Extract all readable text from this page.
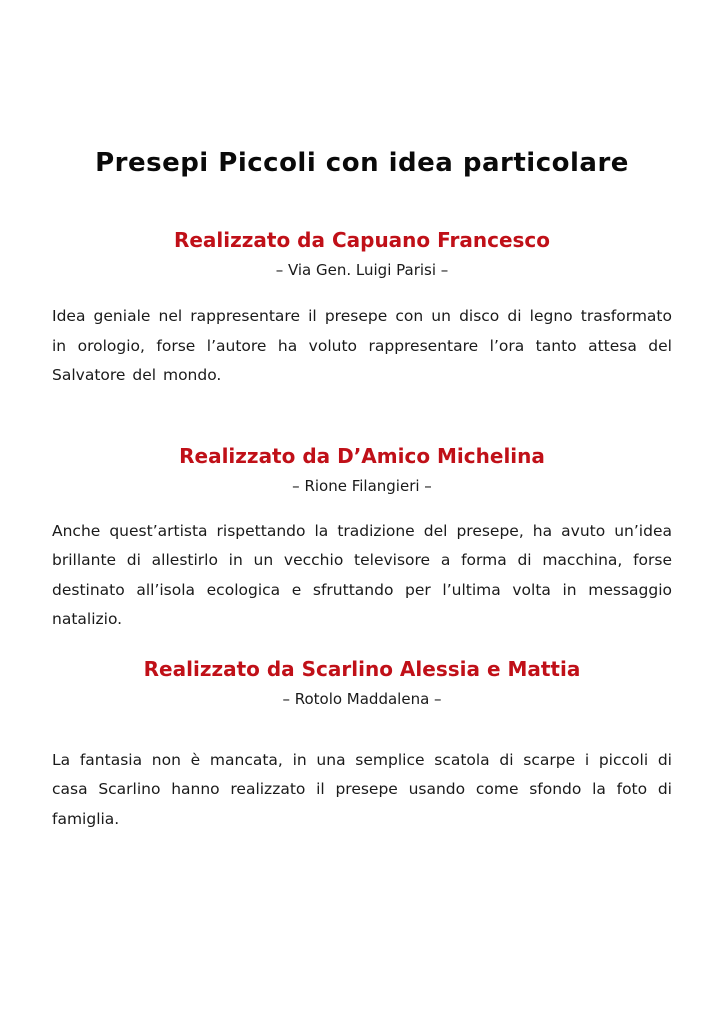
Presepi Piccoli con idea particolare
Realizzato da Capuano Francesco

– Via Gen. Luigi Parisi –

Idea geniale nel rappresentare il presepe con un disco di legno trasformato in orologio, forse l’autore ha voluto rappresentare l’ora tanto attesa del Salvatore del mondo.

Realizzato da D’Amico Michelina

– Rione Filangieri –

Anche quest’artista rispettando la tradizione del presepe, ha avuto un’idea brillante di allestirlo in un vecchio televisore a forma di macchina, forse destinato all’isola ecologica e sfruttando per l’ultima volta in messaggio natalizio.

Realizzato da Scarlino Alessia e Mattia

– Rotolo Maddalena –

La fantasia non è mancata, in una semplice scatola di scarpe i piccoli di casa Scarlino hanno realizzato il presepe usando come sfondo la foto di famiglia.
